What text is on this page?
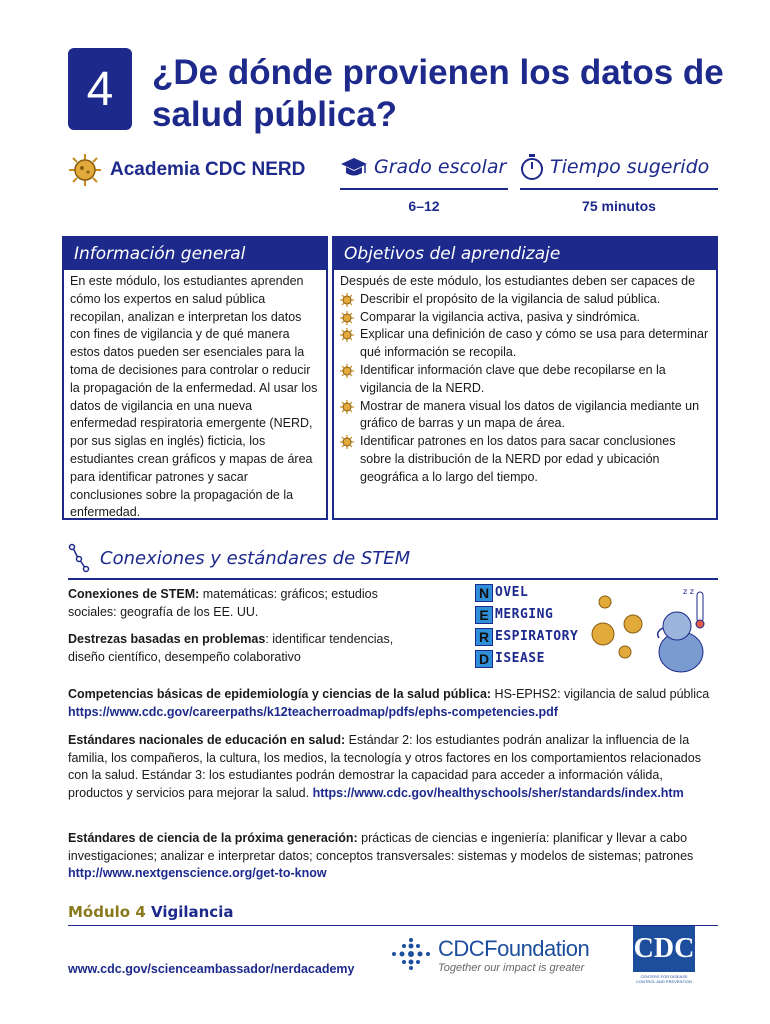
4	¿De dónde provienen los datos de salud pública?
Academia CDC NERD	Grado escolar
6–12
Tiempo sugerido
75 minutos
Información general
En este módulo, los estudiantes aprenden cómo los expertos en salud pública recopilan, analizan e interpretan los datos con fines de vigilancia y de qué manera estos datos pueden ser esenciales para la toma de decisiones para controlar o reducir la propagación de la enfermedad. Al usar los datos de vigilancia en una nueva enfermedad respiratoria emergente (NERD, por sus siglas en inglés) ficticia, los estudiantes crean gráficos y mapas de área para identificar patrones y sacar conclusiones sobre la propagación de la enfermedad.
Objetivos del aprendizaje
Después de este módulo, los estudiantes deben ser capaces de
Describir el propósito de la vigilancia de salud pública.
Comparar la vigilancia activa, pasiva y sindrómica.
Explicar una definición de caso y cómo se usa para determinar qué información se recopila.
Identificar información clave que debe recopilarse en la vigilancia de la NERD.
Mostrar de manera visual los datos de vigilancia mediante un gráfico de barras y un mapa de área.
Identificar patrones en los datos para sacar conclusiones sobre la distribución de la NERD por edad y ubicación geográfica a lo largo del tiempo.
Conexiones y estándares de STEM
Conexiones de STEM: matemáticas: gráficos; estudios sociales: geografía de los EE. UU.
Destrezas basadas en problemas: identificar tendencias, diseño científico, desempeño colaborativo
N OVEL
E MERGING
R ESPIRATORY
D ISEASE
z z
Competencias básicas de epidemiología y ciencias de la salud pública: HS-EPHS2: vigilancia de salud pública https://www.cdc.gov/careerpaths/k12teacherroadmap/pdfs/ephs-competencies.pdf
Estándares nacionales de educación en salud: Estándar 2: los estudiantes podrán analizar la influencia de la familia, los compañeros, la cultura, los medios, la tecnología y otros factores en los comportamientos relacionados con la salud. Estándar 3: los estudiantes podrán demostrar la capacidad para acceder a información válida, productos y servicios para mejorar la salud. https://www.cdc.gov/healthyschools/sher/standards/index.htm
Estándares de ciencia de la próxima generación: prácticas de ciencias e ingeniería: planificar y llevar a cabo investigaciones; analizar e interpretar datos; conceptos transversales: sistemas y modelos de sistemas; patrones http://www.nextgenscience.org/get-to-know
Módulo 4 Vigilancia
www.cdc.gov/scienceambassador/nerdacademy
CDCFoundation
Together our impact is greater
CDC
CENTERS FOR DISEASE CONTROL AND PREVENTION
